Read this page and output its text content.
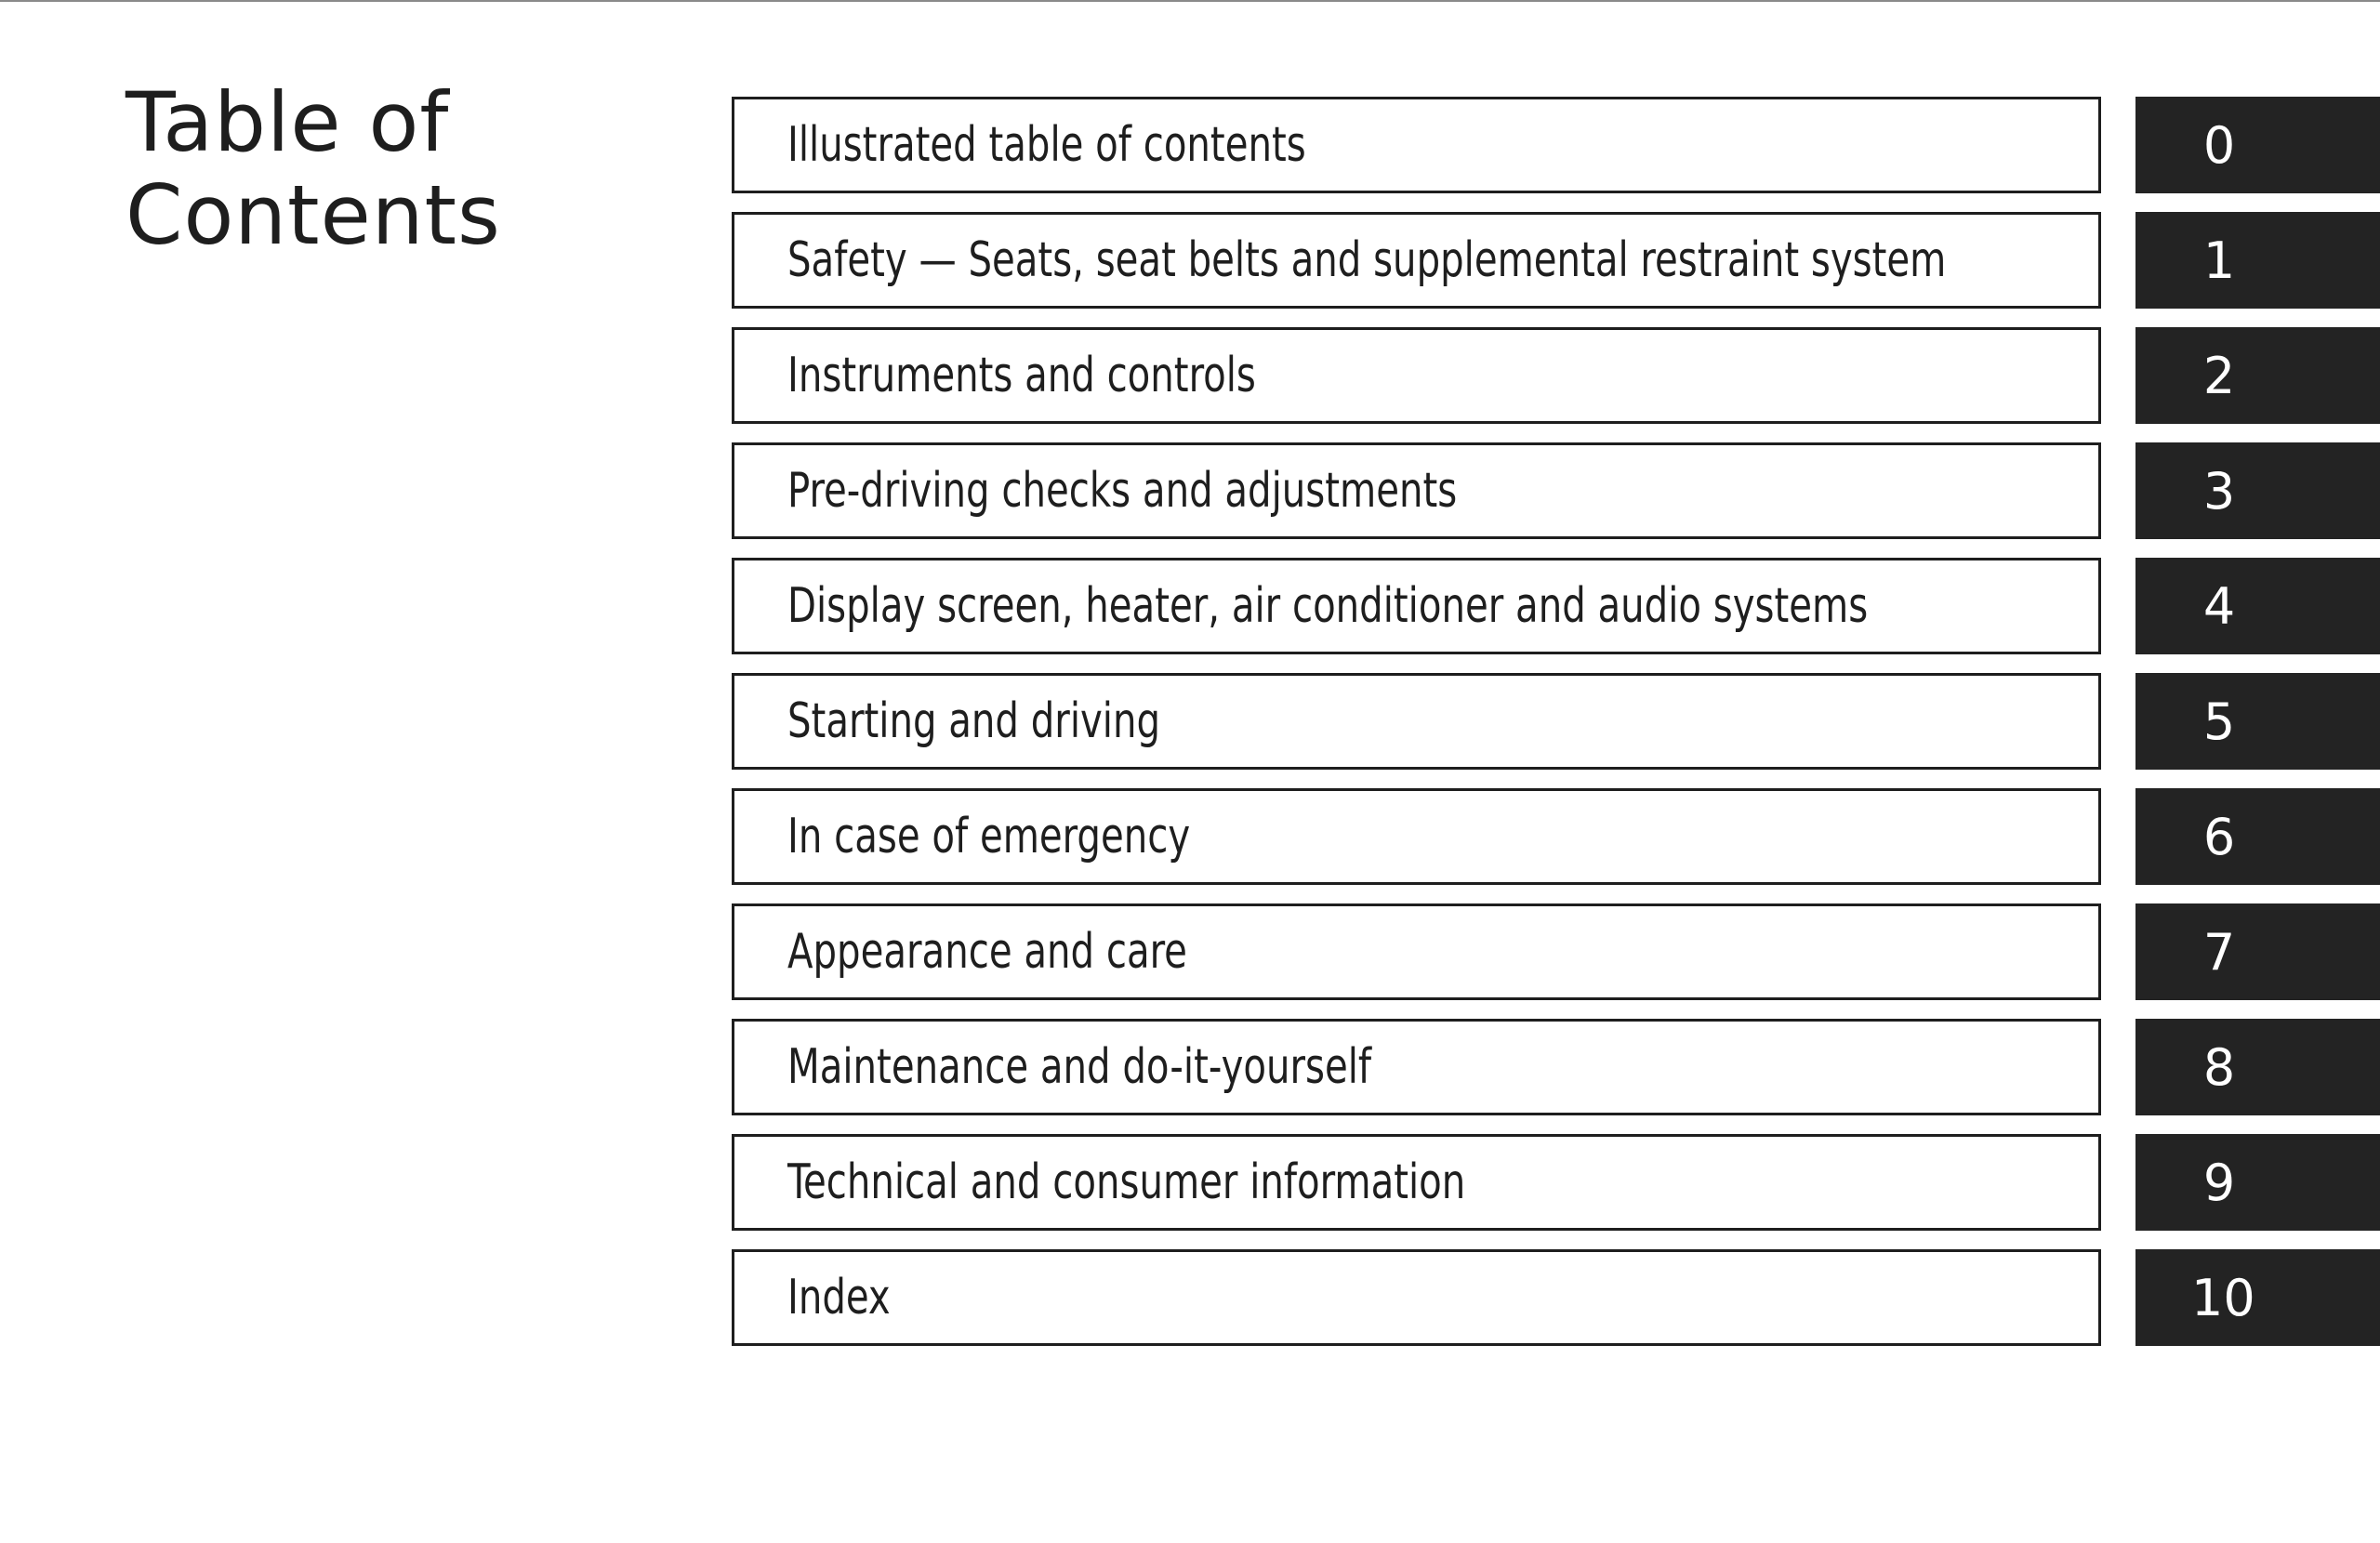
Table of
Contents
Illustrated table of contents	0
Safety — Seats, seat belts and supplemental restraint system	1
Instruments and controls	2
Pre-driving checks and adjustments	3
Display screen, heater, air conditioner and audio systems	4
Starting and driving	5
In case of emergency	6
Appearance and care	7
Maintenance and do-it-yourself	8
Technical and consumer information	9
Index	10
